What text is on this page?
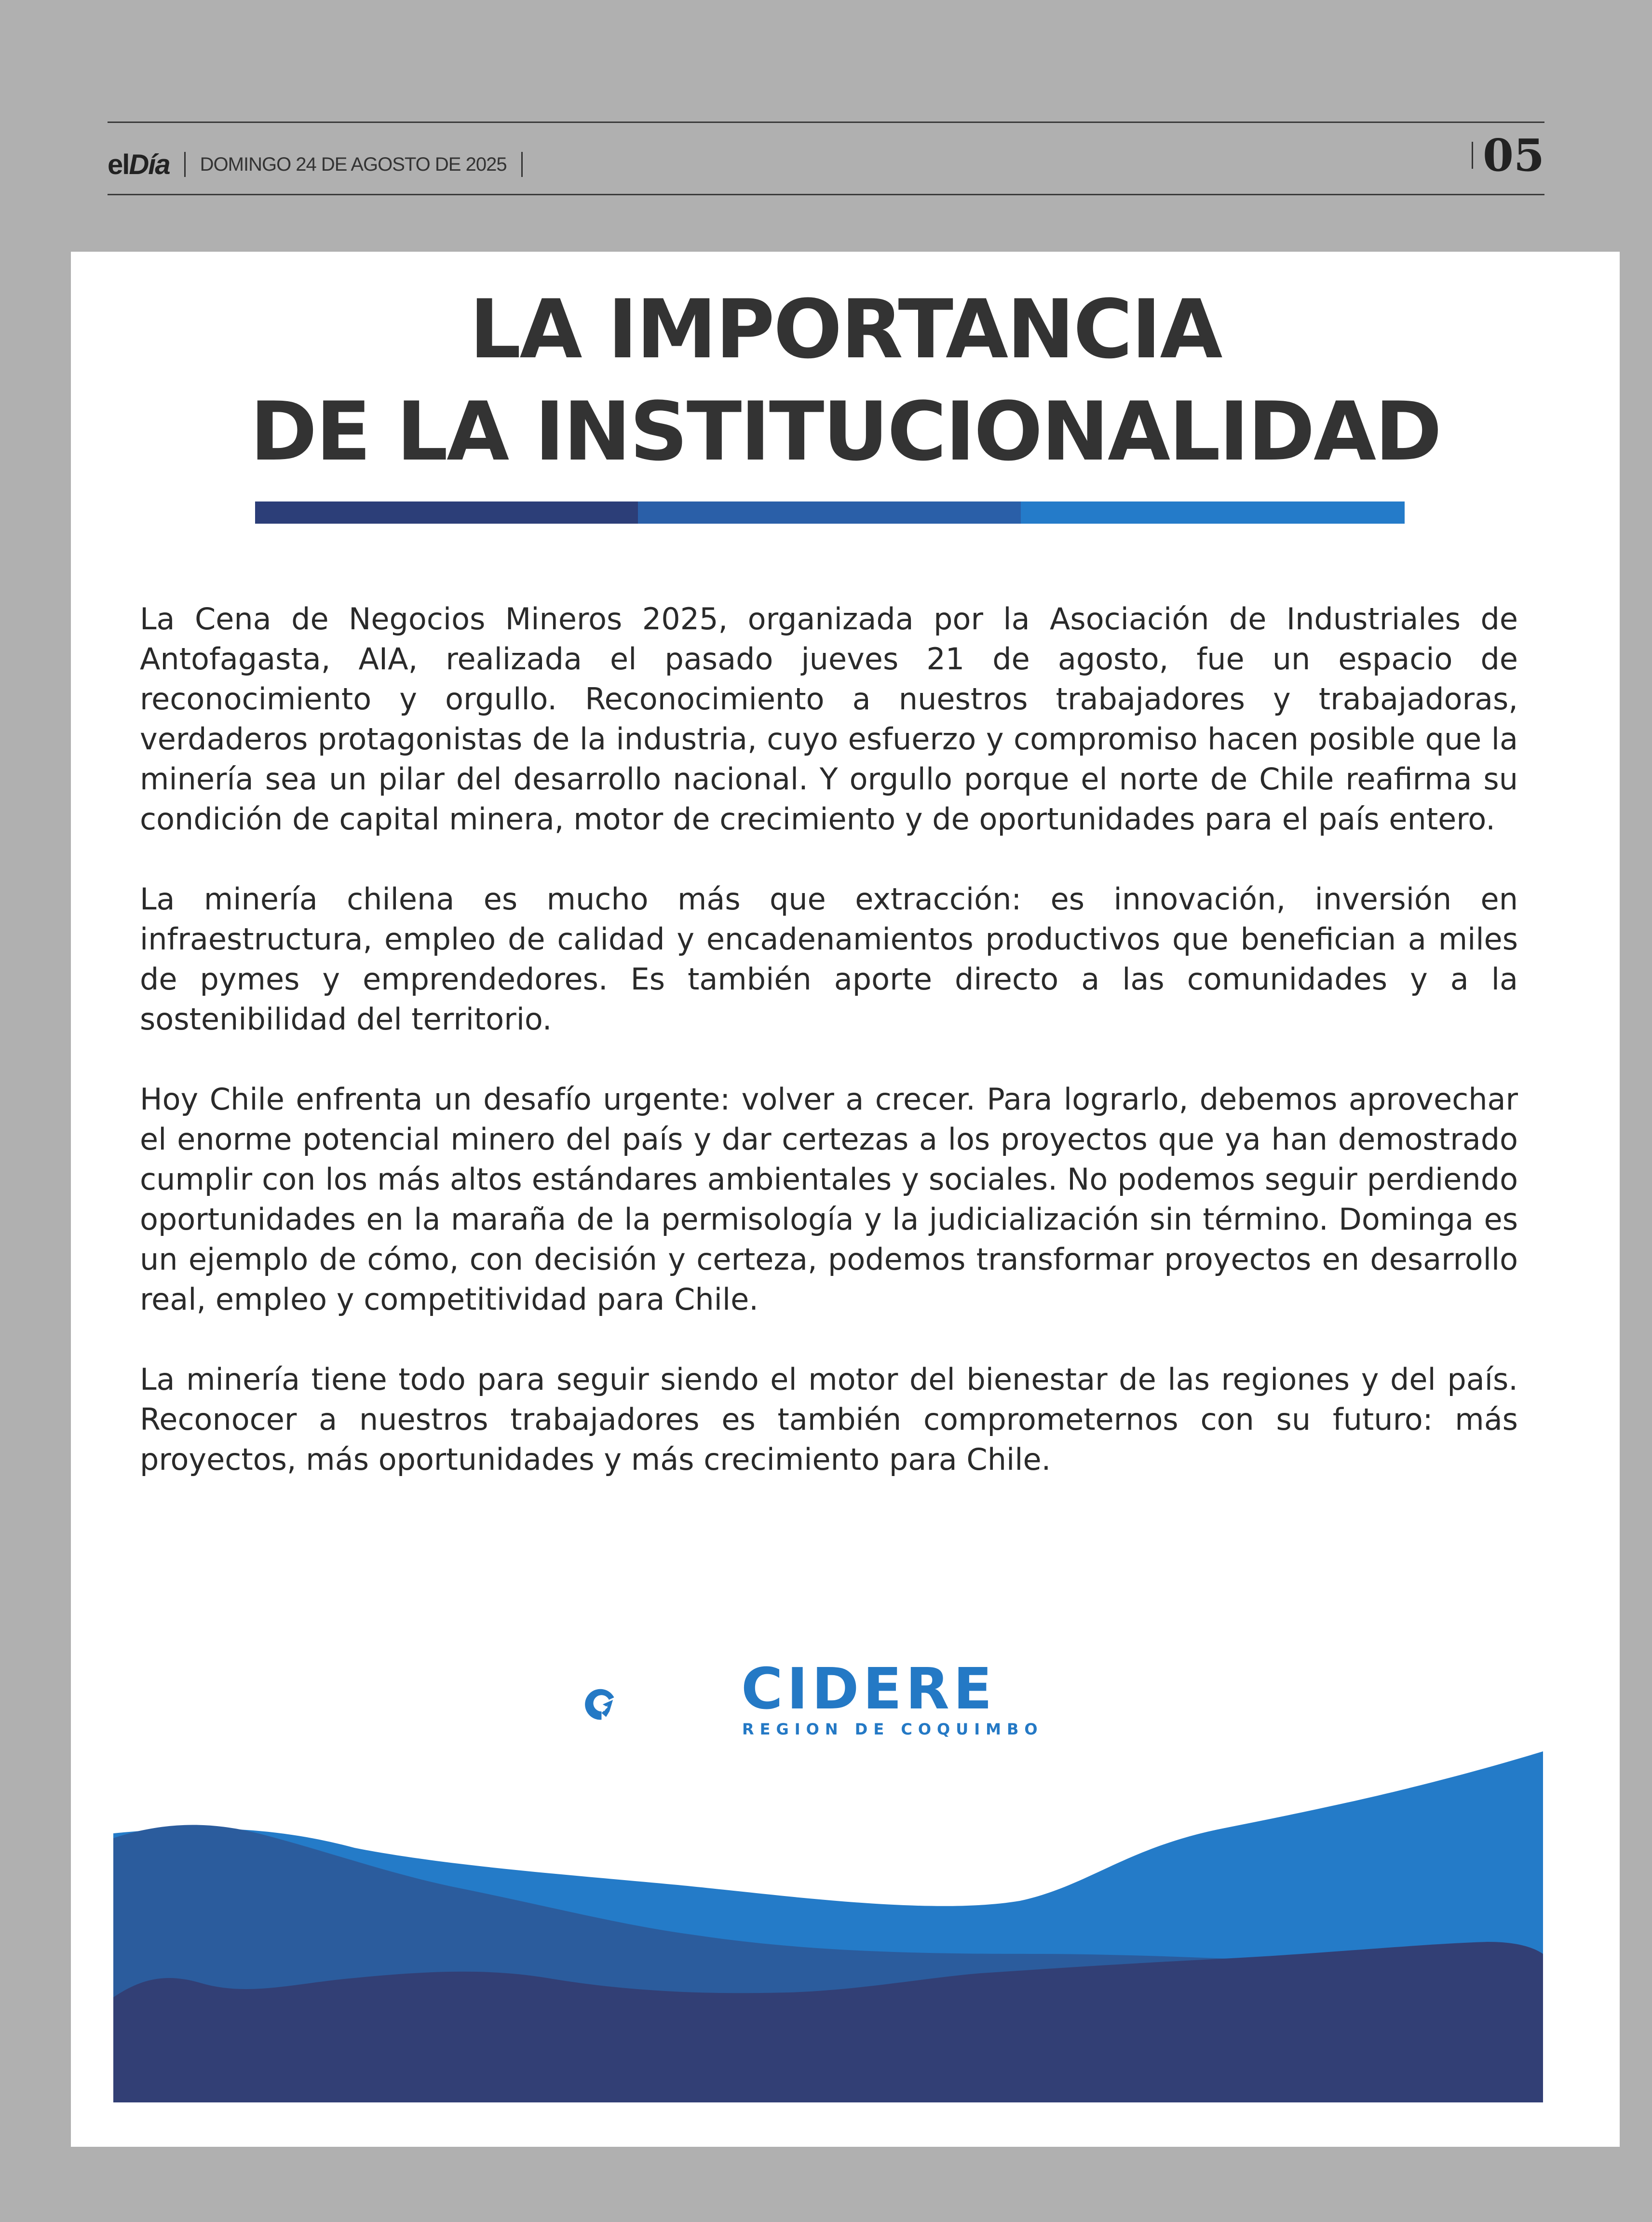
elDía DOMINGO 24 DE AGOSTO DE 2025	05
LA IMPORTANCIA
DE LA INSTITUCIONALIDAD

La Cena de Negocios Mineros 2025, organizada por la Asociación de Industriales de Antofagasta, AIA, realizada el pasado jueves 21 de agosto, fue un espacio de reconocimiento y orgullo. Reconocimiento a nuestros trabajadores y trabajadoras, verdaderos protagonistas de la industria, cuyo esfuerzo y compromiso hacen posible que la minería sea un pilar del desarrollo nacional. Y orgullo porque el norte de Chile reafirma su condición de capital minera, motor de crecimiento y de oportunidades para el país entero.

La minería chilena es mucho más que extracción: es innovación, inversión en infraestructura, empleo de calidad y encadenamientos productivos que benefician a miles de pymes y emprendedores. Es también aporte directo a las comunidades y a la sostenibilidad del territorio.

Hoy Chile enfrenta un desafío urgente: volver a crecer. Para lograrlo, debemos aprovechar el enorme potencial minero del país y dar certezas a los proyectos que ya han demostrado cumplir con los más altos estándares ambientales y sociales. No podemos seguir perdiendo oportunidades en la maraña de la permisología y la judicialización sin término. Dominga es un ejemplo de cómo, con decisión y certeza, podemos transformar proyectos en desarrollo real, empleo y competitividad para Chile.

La minería tiene todo para seguir siendo el motor del bienestar de las regiones y del país. Reconocer a nuestros trabajadores es también comprometernos con su futuro: más proyectos, más oportunidades y más crecimiento para Chile.

CIDERE
REGION DE COQUIMBO
